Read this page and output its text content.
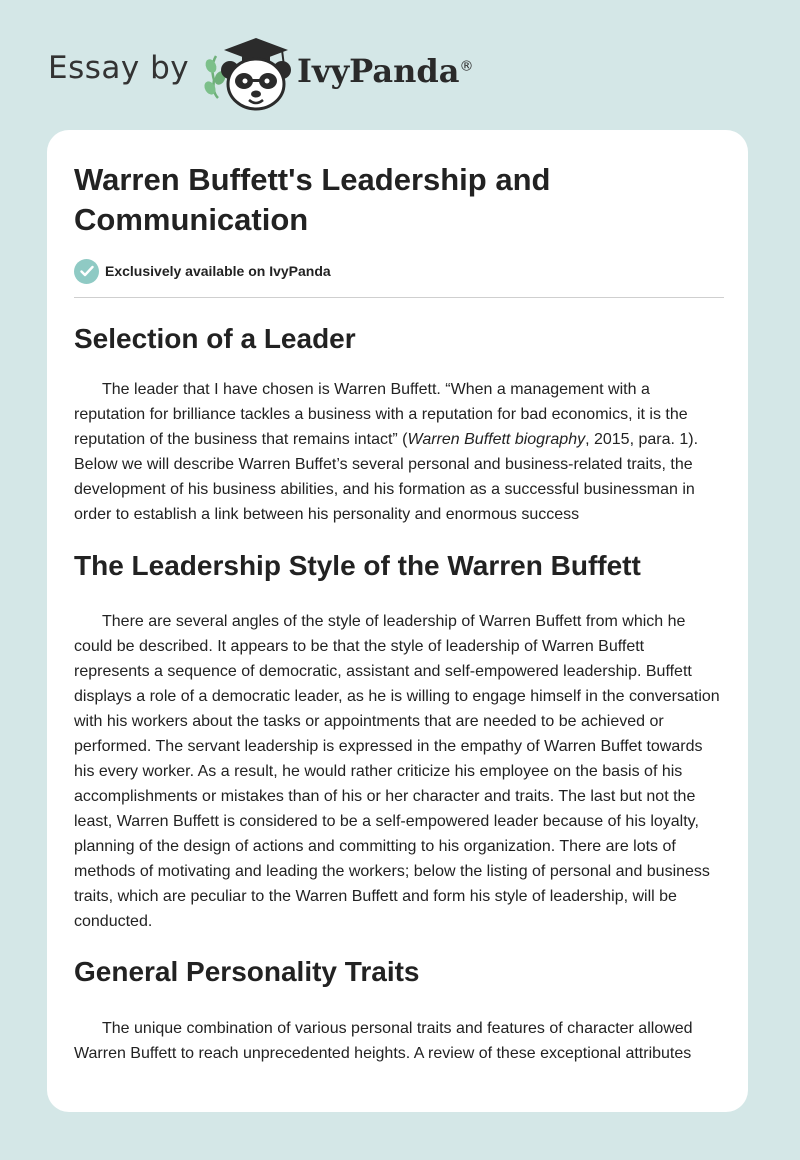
Essay by	IvyPanda®
Warren Buffett's Leadership and Communication
Exclusively available on IvyPanda
Selection of a Leader

The leader that I have chosen is Warren Buffett. “When a management with a reputation for brilliance tackles a business with a reputation for bad economics, it is the reputation of the business that remains intact” (Warren Buffett biography, 2015, para. 1). Below we will describe Warren Buffet’s several personal and business-related traits, the development of his business abilities, and his formation as a successful businessman in order to establish a link between his personality and enormous success

The Leadership Style of the Warren Buffett

There are several angles of the style of leadership of Warren Buffett from which he could be described. It appears to be that the style of leadership of Warren Buffett represents a sequence of democratic, assistant and self-empowered leadership. Buffett displays a role of a democratic leader, as he is willing to engage himself in the conversation with his workers about the tasks or appointments that are needed to be achieved or performed. The servant leadership is expressed in the empathy of Warren Buffet towards his every worker. As a result, he would rather criticize his employee on the basis of his accomplishments or mistakes than of his or her character and traits. The last but not the least, Warren Buffett is considered to be a self-empowered leader because of his loyalty, planning of the design of actions and committing to his organization. There are lots of methods of motivating and leading the workers; below the listing of personal and business traits, which are peculiar to the Warren Buffett and form his style of leadership, will be conducted.

General Personality Traits

The unique combination of various personal traits and features of character allowed Warren Buffett to reach unprecedented heights. A review of these exceptional attributes
